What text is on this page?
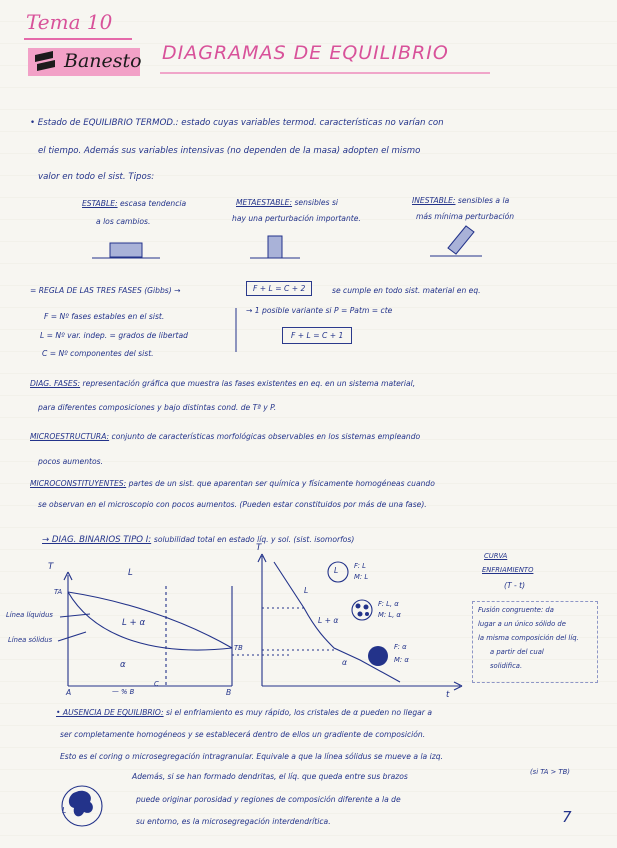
Tema 10
Banesto DIAGRAMAS DE EQUILIBRIO
• Estado de EQUILIBRIO TERMOD.: estado cuyas variables termod. características no varían con
el tiempo. Además sus variables intensivas (no dependen de la masa) adopten el mismo
valor en todo el sist. Tipos:
ESTABLE: escasa tendencia
a los cambios.
METAESTABLE: sensibles si
hay una perturbación importante.
INESTABLE: sensibles a la
más mínima perturbación
= REGLA DE LAS TRES FASES (Gibbs) →	F + L = C + 2	se cumple en todo sist. material en eq.
F = Nº fases estables en el sist.
L = Nº var. indep. = grados de libertad
C = Nº componentes del sist.
→ 1 posible variante si P = Patm = cte
F + L = C + 1
DIAG. FASES: representación gráfica que muestra las fases existentes en eq. en un sistema material,
para diferentes composiciones y bajo distintas cond. de Tª y P.
MICROESTRUCTURA: conjunto de características morfológicas observables en los sistemas empleando
pocos aumentos.
MICROCONSTITUYENTES: partes de un sist. que aparentan ser química y físicamente homogéneas cuando
se observan en el microscopio con pocos aumentos. (Pueden estar constituidos por más de una fase).
→ DIAG. BINARIOS TIPO I: solubilidad total en estado líq. y sol. (sist. isomorfos)
T
TA
TB
L
L + α
α
Línea líquidus
Línea sólidus
A	B
C
— % B
T
t
L
L + α
α
L F: L
M: L
F: L, α
M: L, α
F: α
M: α
CURVA
ENFRIAMIENTO
(T - t)
Fusión congruente: da
lugar a un único sólido de
la misma composición del líq.
a partir del cual
solidifica.
• AUSENCIA DE EQUILIBRIO: si el enfriamiento es muy rápido, los cristales de α pueden no llegar a
ser completamente homogéneos y se establecerá dentro de ellos un gradiente de composición.
Esto es el coring o microsegregación intragranular. Equivale a que la línea sólidus se mueve a la izq.
(si TA > TB)
Además, si se han formado dendritas, el líq. que queda entre sus brazos
puede originar porosidad y regiones de composición diferente a la de
su entorno, es la microsegregación interdendrítica.
L	7
